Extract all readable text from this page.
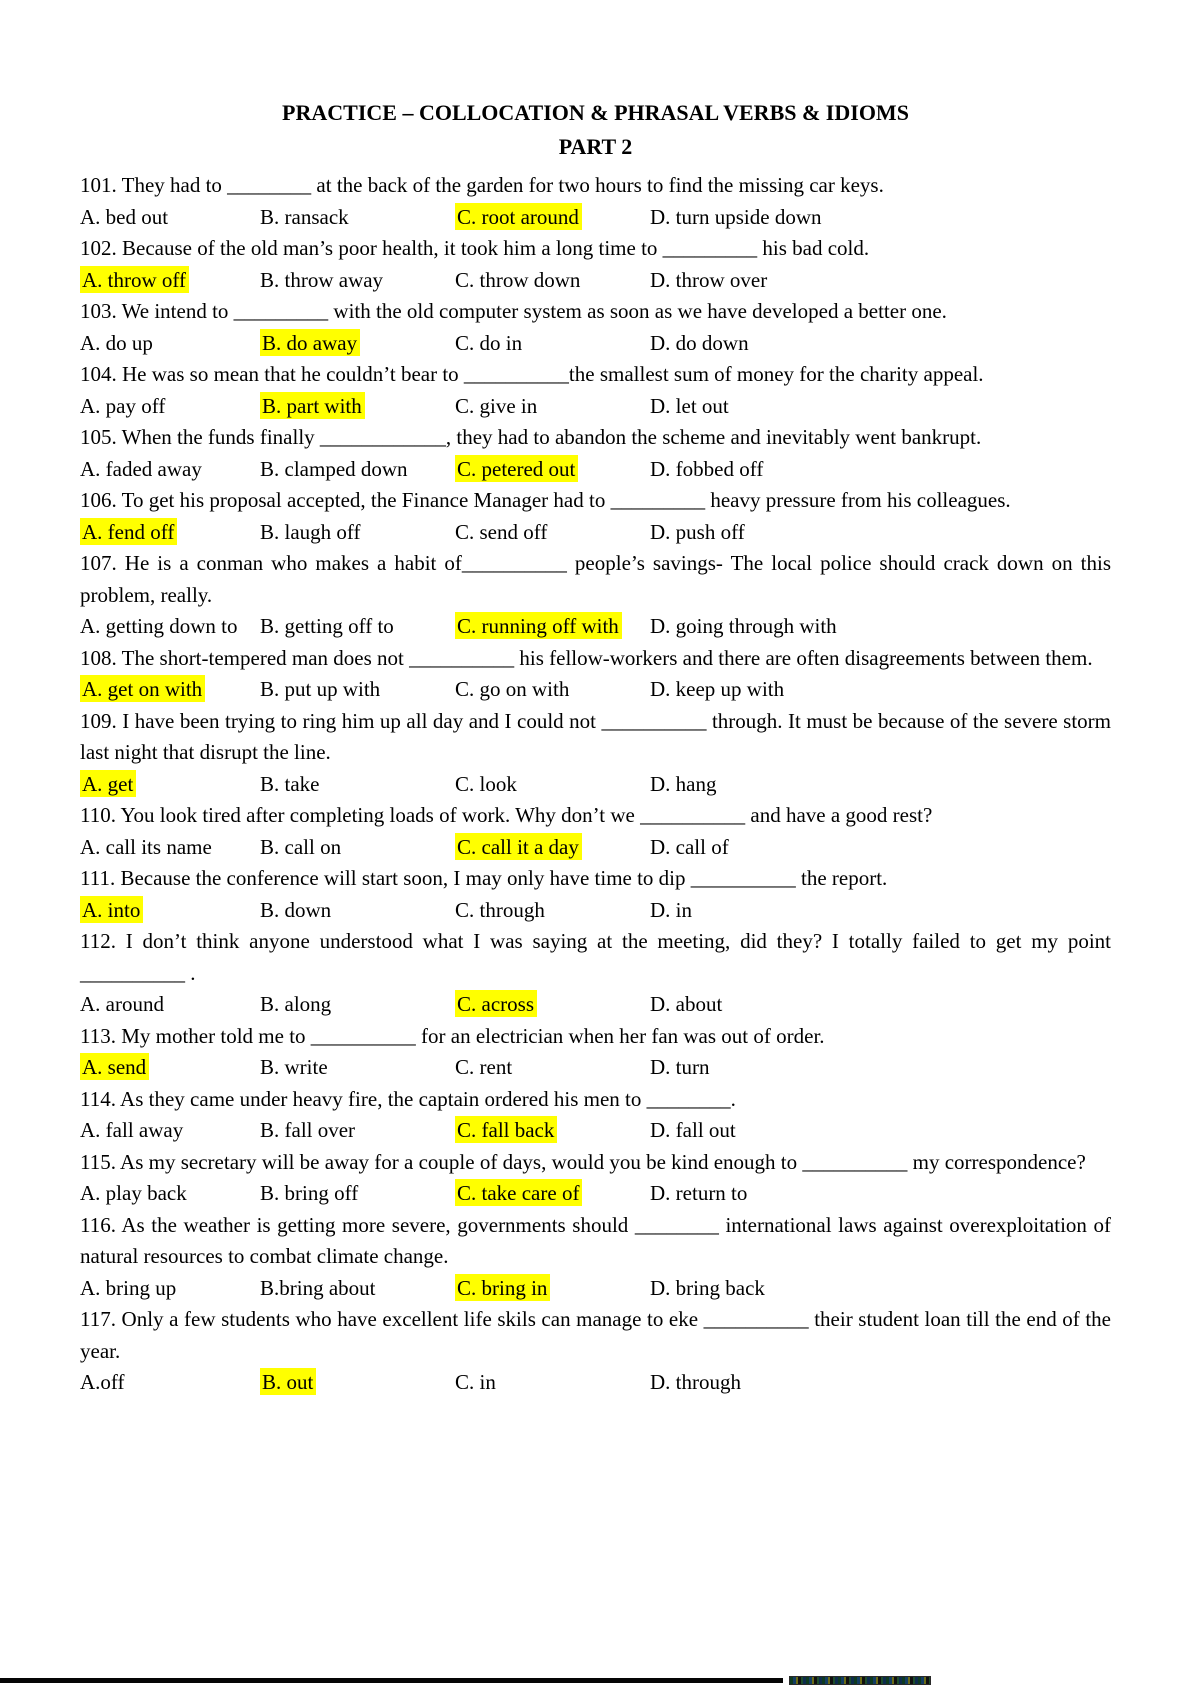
PRACTICE – COLLOCATION & PHRASAL VERBS & IDIOMS
PART 2

101. They had to ________ at the back of the garden for two hours to find the missing car keys.

A. bed out	B. ransack	C. root around	D. turn upside down

102. Because of the old man’s poor health, it took him a long time to _________ his bad cold.

A. throw off	B. throw away	C. throw down	D. throw over

103. We intend to _________ with the old computer system as soon as we have developed a better one.

A. do up	B. do away	C. do in	D. do down

104. He was so mean that he couldn’t bear to __________the smallest sum of money for the charity appeal.

A. pay off	B. part with	C. give in	D. let out

105. When the funds finally ____________, they had to abandon the scheme and inevitably went bankrupt.

A. faded away	B. clamped down	C. petered out	D. fobbed off

106. To get his proposal accepted, the Finance Manager had to _________ heavy pressure from his colleagues.

A. fend off	B. laugh off	C. send off	D. push off

107. He is a conman who makes a habit of__________ people’s savings- The local police should crack down on this problem, really.

A. getting down to	B. getting off to	C. running off with	D. going through with

108. The short-tempered man does not __________ his fellow-workers and there are often disagreements between them.

A. get on with	B. put up with	C. go on with	D. keep up with

109. I have been trying to ring him up all day and I could not __________ through. It must be because of the severe storm last night that disrupt the line.

A. get	B. take	C. look	D. hang

110. You look tired after completing loads of work. Why don’t we __________ and have a good rest?

A. call its name	B. call on	C. call it a day	D. call of

111. Because the conference will start soon, I may only have time to dip __________ the report.

A. into	B. down	C. through	D. in

112. I don’t think anyone understood what I was saying at the meeting, did they? I totally failed to get my point __________ .

A. around	B. along	C. across	D. about

113. My mother told me to __________ for an electrician when her fan was out of order.

A. send	B. write	C. rent	D. turn

114. As they came under heavy fire, the captain ordered his men to ________.

A. fall away	B. fall over	C. fall back	D. fall out

115. As my secretary will be away for a couple of days, would you be kind enough to __________ my correspondence?

A. play back	B. bring off	C. take care of	D. return to

116. As the weather is getting more severe, governments should ________ international laws against overexploitation of natural resources to combat climate change.

A. bring up	B.bring about	C. bring in	D. bring back

117. Only a few students who have excellent life skils can manage to eke __________ their student loan till the end of the year.

A.off	B. out	C. in	D. through
